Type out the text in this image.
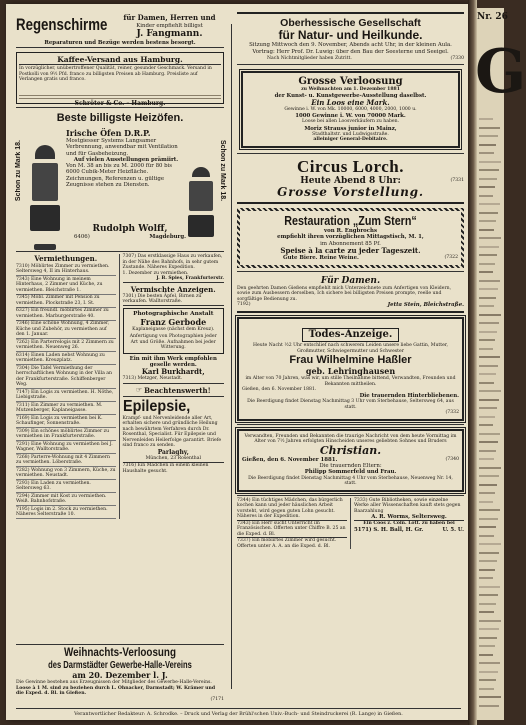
Regenschirme	für Damen, Herren und
Kinder empfiehlt billigst
J. Fangmann.
Reparaturen und Bezüge werden bestens besorgt.
Kaffee-Versand aus Hamburg.
In vorzüglicher, unübertroffener Qualität, reiner, gesunder Geschmack. Versand in Postkolli von 9½ Pfd. franco zu billigsten Preisen ab Hamburg. Preisliste auf Verlangen gratis und franco.
Schröter & Co. – Hamburg.
Beste billigste Heizöfen.
Schon zu Mark 18.	Schon zu Mark 18.

Irische Öfen D.R.P.
Mostgiesser Systems Langsamer Verbrennung, anwendbar mit Ventilation und für Gasbeheizung.
Auf vielen Ausstellungen prämiirt.
Von M. 38 an bis zu M. 2000 für 80 bis 6000 Cubik-Meter Heizfläche.
Zeichnungen, Referenzen u. gültige Zeugnisse stehen zu Diensten.
Rudolph Wolff,
6406)	Magdeburg.
Vermiethungen.
7310) Möblirtes Zimmer zu vermiethen. Seltersweg 4, II im Hinterhaus.
7343) Eine Wohnung in meinem Hinterhaus, 2 Zimmer und Küche, zu vermiethen. Bleichstraße 1.
7345) Möbl. Zimmer mit Pension zu vermiethen. Plockstraße 23, I. St.
6327) Ein freundl. möblirtes Zimmer zu vermiethen. Marburgerstraße 40.
7346) Eine schöne Wohnung, 4 Zimmer, Küche und Zubehör, zu vermiethen auf den 1. Januar.
7262) Ein Parterrelogis mit 2 Zimmern zu vermiethen. Neuenweg 26.
6314) Einen Laden nebst Wohnung zu vermiethen. Kreuzplatz.
7304) Die Tafel Vermiethung der herrschaftlichen Wohnung in der Villa an der Frankfurterstraße. Schiffenberger Weg.
7147) Ein Logis zu vermiethen. H. Nöthe, Liebigstraße.
7311) Ein Zimmer zu vermiethen. M. Mutzenberger, Kaplaneigasse.
7169) Ein Logis zu vermiethen bei K. Schaufinger, Sonnenstraße.
7309) Ein schönes möblirtes Zimmer zu vermiethen im Frankfurterstraße.
7291) Eine Wohnung zu vermiethen bei J. Wagner, Walltorstraße.
7268) Parterre-Wohnung mit 4 Zimmern zu vermiethen. Löberstraße.
7282) Wohnung von 3 Zimmern, Küche, zu vermiethen. Neustadt.
7293) Ein Laden zu vermiethen. Seltersweg 63.
7294) Zimmer mit Kost zu vermiethen. Weiß. Bahnhofstraße.
7195) Logis im 2. Stock zu vermiethen. Näheres Selterstraße 10.
7307) Das erstklassige Haus zu verkaufen, in der Nähe des Bahnhofs, in sehr gutem Zustande. Näheres Expedition.
1. Dezember zu vermiethen.
J. B. Spies, Frankfurterstr.
Vermischte Anzeigen.
7301) Die besten Äpfel, Birnen zu verkaufen. Walltorstraße.
Photographische Anstalt
Franz Gerbode
Kaplaneigasse (nächst dem Kreuz).
Anfertigung von Photographien jeder Art und Größe. Aufnahmen bei jeder Witterung.
Ein mit ihm Werk empfohlen geselle werden.
Karl Burkhardt,
7313) Metzger, Neustadt.
☞ Beachtenswerth!
Epilepsie,
Krampf- und Nervenleidende aller Art, erhalten sichere und gründliche Heilung nach bewährtem Verfahren durch Dr. Rosenthal, Specialist. Für Epilepsie und Nervenleiden Heilerfolge garantirt. Briefe sind franco zu senden.
Parlaghy,
München, 23 Rosenthal
7316) Ein Mädchen in einem kleinen Haushalte gesucht.
Weihnachts-Verloosung
des Darmstädter Gewerbe-Halle-Vereins
am 20. Dezember l. J.
Die Gewinne bestehen aus Erzeugnissen der Mitglieder des Gewerbe-Halle-Vereins.
Loose à 1 M. sind zu beziehen durch L. Ohnacker, Darmstadt; W. Krämer und die Exped. d. Bl. in Gießen.
(7171
Oberhessische Gesellschaft
für Natur- und Heilkunde.
Sitzung Mittwoch den 9. November, Abends acht Uhr, in der kleinen Aula.
Vortrag: Herr Prof. Dr. Luwig: über den Bau der Seesterne und Seeigel.
Nach Nichtmitglieder haben Zutritt.	(7330
Grosse Verloosung
zu Weihnachten am 1. Dezember 1881
der Kunst- u. Kunstgewerbe-Ausstellung daselbst.
Ein Loos eine Mark.
Gewinne i. W. von Mk. 10000, 6000, 4000, 2000, 1000 u.
1000 Gewinne i. W. von 70000 Mark.
Loose bei allen Loosverkäufern zu haben.
Moriz Strauss junior in Mainz,
Stadthaltstr. und Ludwigsstraße.
alleiniger General-Debitaire.
Circus Lorch.
Heute Abend 8 Uhr:	(7331
Grosse Vorstellung.
Restauration „Zum Stern“
von R. Engbrochs
empfiehlt ihren vorzüglichen Mittagstisch, M. 1,
im Abonnement 85 Pf.
Speise à la carte zu jeder Tageszeit.
Gute Biere. Reine Weine.	(7322
Für Damen.
Den geehrten Damen Gießens empfiehlt mich Unterzeichnete zum Anfertigen von Kleidern, sowie zum Ausbessern derselben, Ich sichere bei billigsten Preisen prompte, reelle und sorgfältige Bedienung zu.
7192)	Jetta Stein, Bleichstraße.
Todes-Anzeige.
Heute Nacht ½2 Uhr entschlief nach schwerem Leiden unsere liebe Gattin, Mutter, Großmutter, Schwiegermutter und Schwester
Frau Wilhelmine Haßler
geb. Lehringhausen
im Alter von 70 Jahren, was wir, um stille Theilnahme bittend, Verwandten, Freunden und Bekannten mittheilen.
Gießen, den 6. November 1881.
Die trauernden Hinterbliebenen.
Die Beerdigung findet Dienstag Nachmittag 3 Uhr vom Sterbehause, Seltersweg 64, aus statt.
(7332
Verwandten, Freunden und Bekannten die traurige Nachricht von dem heute Vormittag im Alter von 7½ Jahren erfolgten Hinscheiden unseres geliebten Sohnes und Bruders
Christian.
Gießen, den 6. November 1881.	(7340
Die trauernden Eltern:
Philipp Sommerfeld und Frau.
Die Beerdigung findet Dienstag Nachmittag 4 Uhr vom Sterbehause, Neuenweg Nr. 14, statt.
7344) Ein tüchtiges Mädchen, das bürgerlich kochen kann und jeder häuslichen Arbeit vorsteht, wird gegen guten Lohn gesucht. Näheres in der Expedition.
7343) Ein Herr sucht Unterricht im Französischen. Offerten unter Chiffre B. 25 an die Exped. d. Bl.
7337) Ein möblirtes Zimmer wird gesucht. Offerten unter A. A. an die Exped. d. Bl.
7333) Gute Bibliotheken, sowie einzelne Werke aller Wissenschaften kauft stets gegen Baarzahlung
A. R. Worms, Seltersweg.
Ein Coos z. Cöln. Lott. zu haben bei
5171) S. H. Ball, H. Gr.	U. 5. U.
Verantwortlicher Redakteur: A. Schrodke. – Druck und Verlag der Brühl'schen Univ.-Buch- und Steindruckerei (R. Lange) in Gießen.
Nr. 26
G
